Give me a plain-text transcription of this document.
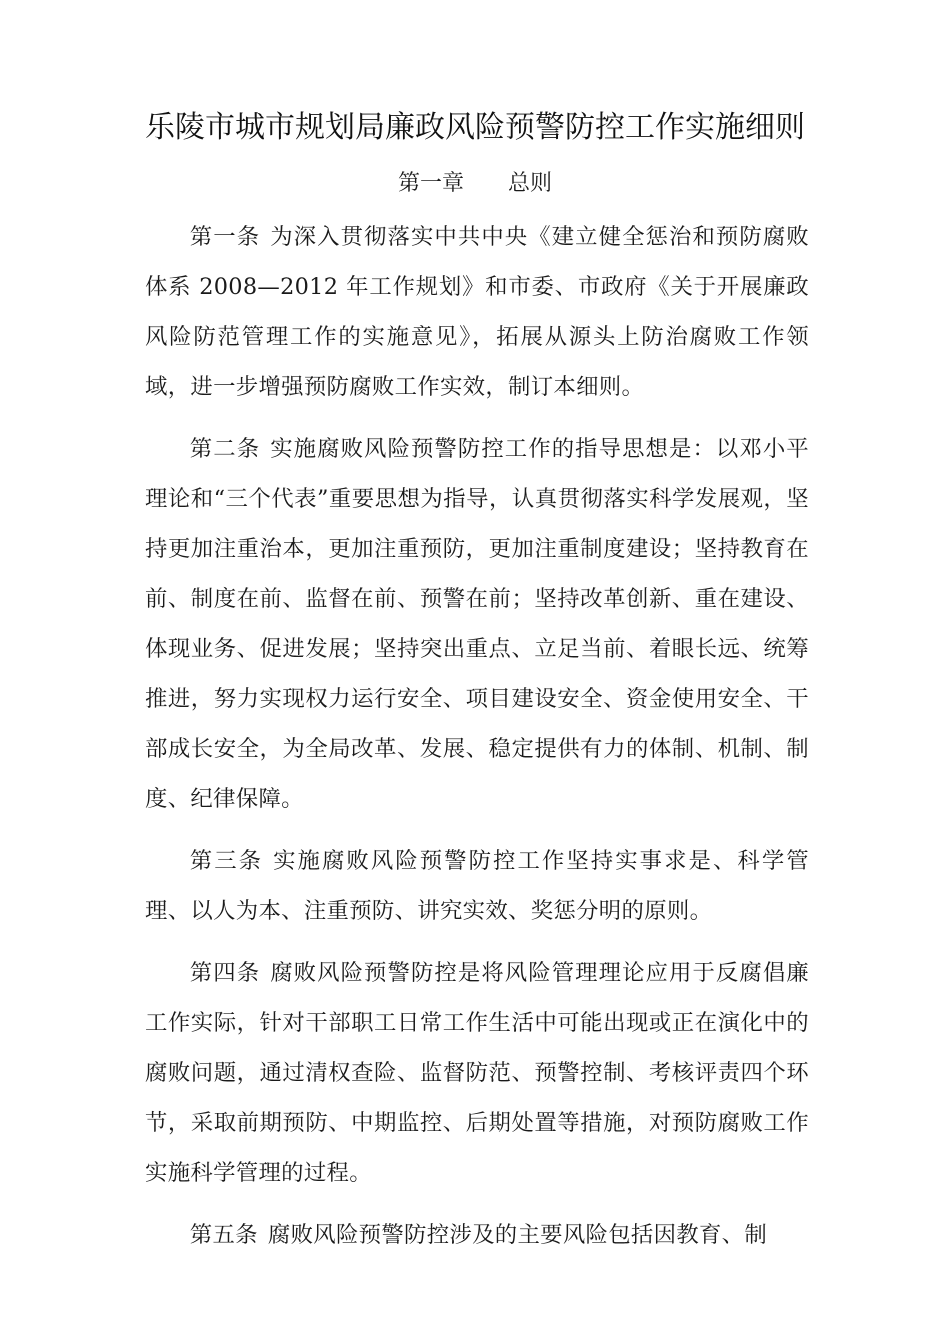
乐陵市城市规划局廉政风险预警防控工作实施细则
第一章 总则

第一条 为深入贯彻落实中共中央《建立健全惩治和预防腐败体系 2008—2012 年工作规划》和市委、市政府《关于开展廉政风险防范管理工作的实施意见》，拓展从源头上防治腐败工作领域，进一步增强预防腐败工作实效，制订本细则。

第二条 实施腐败风险预警防控工作的指导思想是：以邓小平理论和“三个代表”重要思想为指导，认真贯彻落实科学发展观，坚持更加注重治本，更加注重预防，更加注重制度建设；坚持教育在前、制度在前、监督在前、预警在前；坚持改革创新、重在建设、体现业务、促进发展；坚持突出重点、立足当前、着眼长远、统筹推进，努力实现权力运行安全、项目建设安全、资金使用安全、干部成长安全，为全局改革、发展、稳定提供有力的体制、机制、制度、纪律保障。

第三条 实施腐败风险预警防控工作坚持实事求是、科学管理、以人为本、注重预防、讲究实效、奖惩分明的原则。

第四条 腐败风险预警防控是将风险管理理论应用于反腐倡廉工作实际，针对干部职工日常工作生活中可能出现或正在演化中的腐败问题，通过清权查险、监督防范、预警控制、考核评责四个环节，采取前期预防、中期监控、后期处置等措施，对预防腐败工作实施科学管理的过程。

第五条 腐败风险预警防控涉及的主要风险包括因教育、制
